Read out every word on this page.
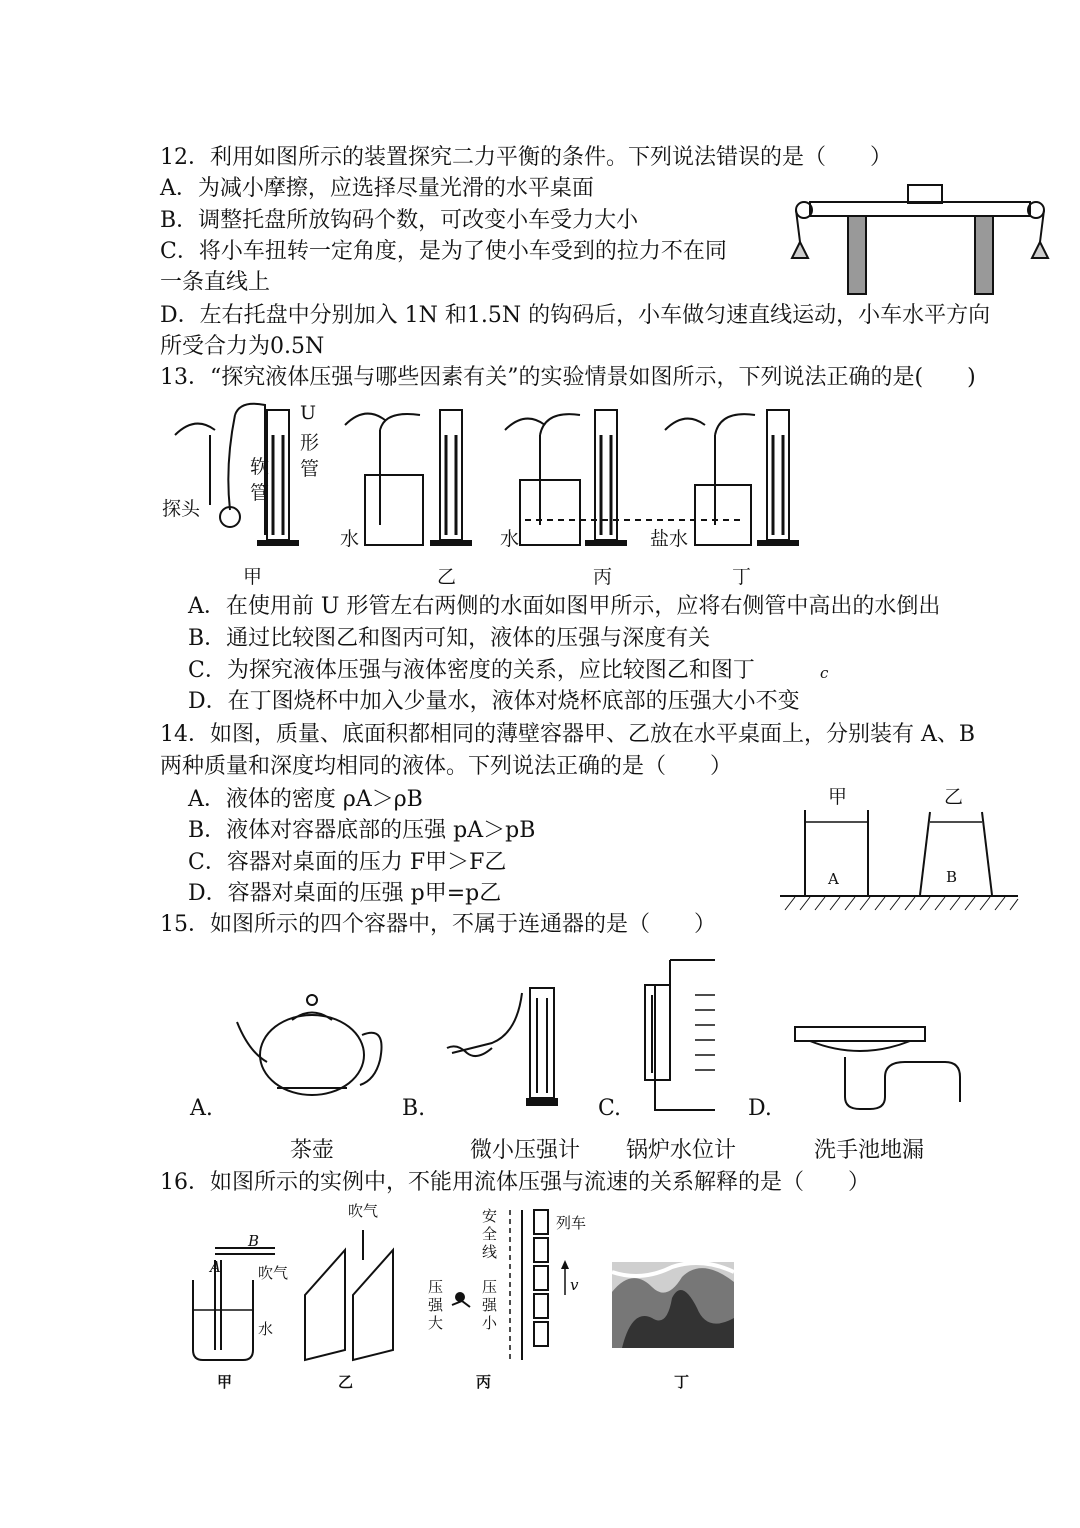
12．利用如图所示的装置探究二力平衡的条件。下列说法错误的是（　　）
A．为减小摩擦，应选择尽量光滑的水平桌面
B．调整托盘所放钩码个数，可改变小车受力大小
C．将小车扭转一定角度，是为了使小车受到的拉力不在同
一条直线上
D．左右托盘中分别加入 1N 和1.5N 的钩码后，小车做匀速直线运动，小车水平方向
所受合力为0.5N
13．“探究液体压强与哪些因素有关”的实验情景如图所示，下列说法正确的是(　　)
U
形
管
软
管
探头
水	水	盐水
甲	乙	丙	丁
A．在使用前 U 形管左右两侧的水面如图甲所示，应将右侧管中高出的水倒出
B．通过比较图乙和图丙可知，液体的压强与深度有关
C．为探究液体压强与液体密度的关系，应比较图乙和图丁	c
D．在丁图烧杯中加入少量水，液体对烧杯底部的压强大小不变
14．如图，质量、底面积都相同的薄壁容器甲、乙放在水平桌面上，分别装有 A、B
两种质量和深度均相同的液体。下列说法正确的是（　　）
A．液体的密度 ρA＞ρB
B．液体对容器底部的压强 pA＞pB
C．容器对桌面的压力 F甲＞F乙
D．容器对桌面的压强 p甲=p乙
甲	乙
A	B
15．如图所示的四个容器中，不属于连通器的是（　　）
A.	B.	C.	D.
茶壶	微小压强计 锅炉水位计	洗手池地漏
16．如图所示的实例中，不能用流体压强与流速的关系解释的是（　　）
B
A 吹气
水
吹气	安
全
线
列车
压
强
大
压
强
小
v
甲	乙	丙	丁
